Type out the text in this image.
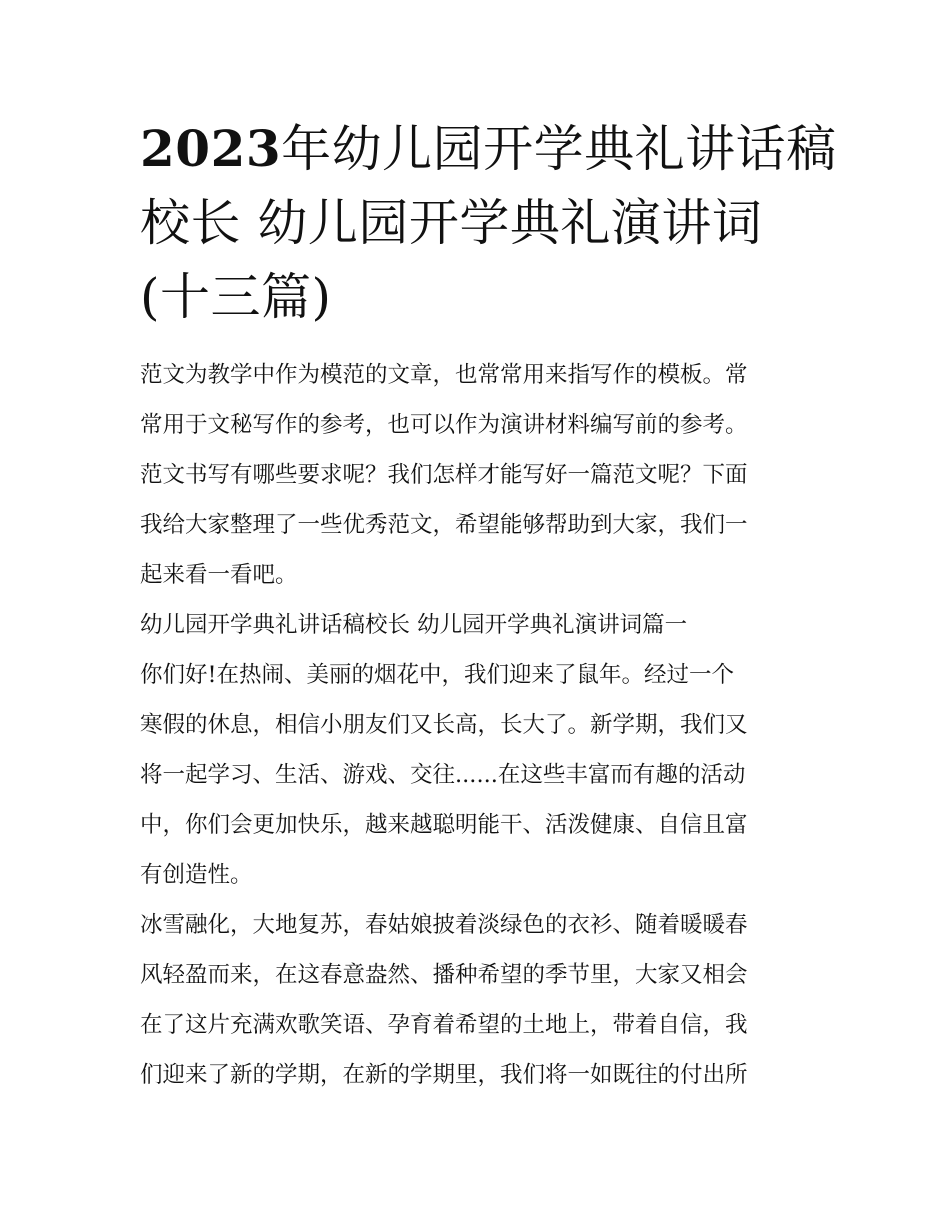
2023年幼儿园开学典礼讲话稿
校长 幼儿园开学典礼演讲词
(十三篇)
范文为教学中作为模范的文章，也常常用来指写作的模板。常
常用于文秘写作的参考，也可以作为演讲材料编写前的参考。
范文书写有哪些要求呢？我们怎样才能写好一篇范文呢？下面
我给大家整理了一些优秀范文，希望能够帮助到大家，我们一
起来看一看吧。
幼儿园开学典礼讲话稿校长 幼儿园开学典礼演讲词篇一
你们好!在热闹、美丽的烟花中，我们迎来了鼠年。经过一个
寒假的休息，相信小朋友们又长高，长大了。新学期，我们又
将一起学习、生活、游戏、交往......在这些丰富而有趣的活动
中，你们会更加快乐，越来越聪明能干、活泼健康、自信且富
有创造性。
冰雪融化，大地复苏，春姑娘披着淡绿色的衣衫、随着暖暖春
风轻盈而来，在这春意盎然、播种希望的季节里，大家又相会
在了这片充满欢歌笑语、孕育着希望的土地上，带着自信，我
们迎来了新的学期，在新的学期里，我们将一如既往的付出所
